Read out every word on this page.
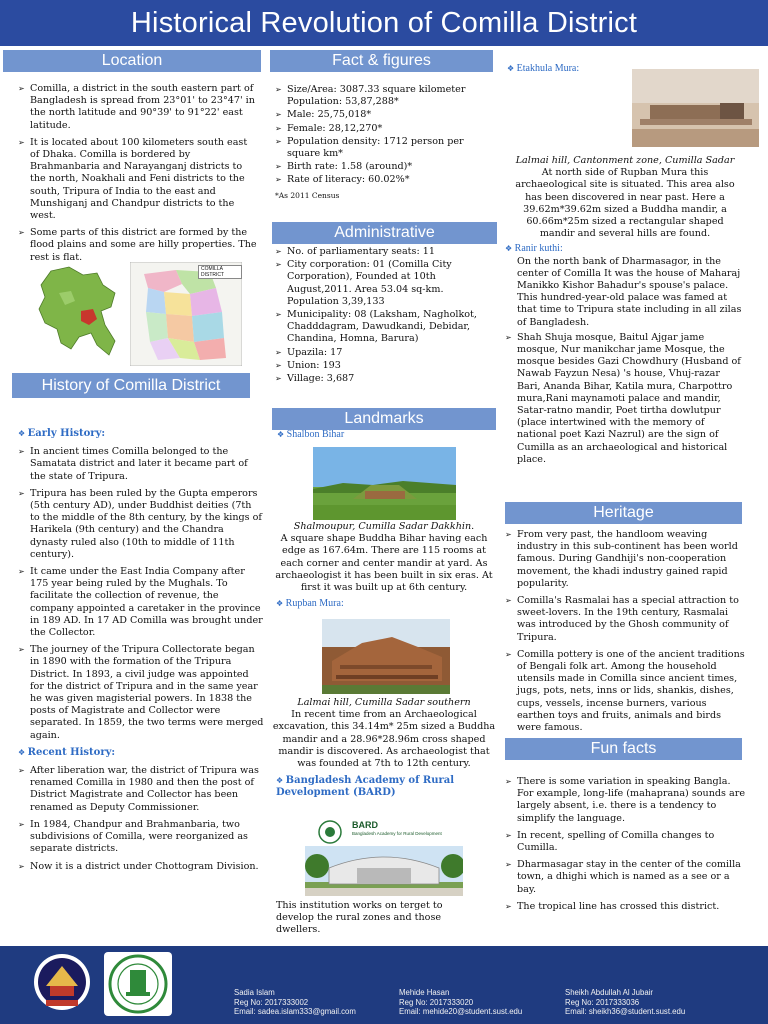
Historical Revolution of Comilla District
Location
➢ Comilla, a district in the south eastern part of Bangladesh is spread from 23°01' to 23°47' in the north latitude and 90°39' to 91°22' east latitude.
➢ It is located about 100 kilometers south east of Dhaka. Comilla is bordered by Brahmanbaria and Narayanganj districts to the north, Noakhali and Feni districts to the south, Tripura of India to the east and Munshiganj and Chandpur districts to the west.
➢ Some parts of this district are formed by the flood plains and some are hilly properties. The rest is flat.
COMILLA DISTRICT
History of Comilla District
❖ Early History:
➢ In ancient times Comilla belonged to the Samatata district and later it became part of the state of Tripura.
➢ Tripura has been ruled by the Gupta emperors (5th century AD), under Buddhist deities (7th to the middle of the 8th century, by the kings of Harikela (9th century) and the Chandra dynasty ruled also (10th to middle of 11th century).
➢ It came under the East India Company after 175 year being ruled by the Mughals. To facilitate the collection of revenue, the company appointed a caretaker in the province in 189 AD. In 17 AD Comilla was brought under the Collector.
➢ The journey of the Tripura Collectorate began in 1890 with the formation of the Tripura District. In 1893, a civil judge was appointed for the district of Tripura and in the same year he was given magisterial powers. In 1838 the posts of Magistrate and Collector were separated. In 1859, the two terms were merged again.
❖ Recent History:
➢ After liberation war, the district of Tripura was renamed Comilla in 1980 and then the post of District Magistrate and Collector has been renamed as Deputy Commissioner.
➢ In 1984, Chandpur and Brahmanbaria, two subdivisions of Comilla, were reorganized as separate districts.
➢ Now it is a district under Chottogram Division.
Fact & figures
➢ Size/Area: 3087.33 square kilometer Population: 53,87,288*
➢ Male: 25,75,018*
➢ Female: 28,12,270*
➢ Population density: 1712 person per square km*
➢ Birth rate: 1.58 (around)*
➢ Rate of literacy: 60.02%*

*As 2011 Census

Administrative
➢ No. of parliamentary seats: 11
➢ City corporation: 01 (Comilla City Corporation), Founded at 10th August,2011. Area 53.04 sq-km. Population 3,39,133
➢ Municipality: 08 (Laksham, Nagholkot, Chadddagram, Dawudkandi, Debidar, Chandina, Homna, Barura)
➢ Upazila: 17
➢ Union: 193
➢ Village: 3,687
Landmarks
❖ Shalbon Bihar

Shalmoupur, Cumilla Sadar Dakkhin.

A square shape Buddha Bihar having each edge as 167.64m. There are 115 rooms at each corner and center mandir at yard. As archaeologist it has been built in six eras. At first it was built up at 6th century.

❖ Rupban Mura:

Lalmai hill, Cumilla Sadar southern

In recent time from an Archaeological excavation, this 34.14m* 25m sized a Buddha mandir and a 28.96*28.96m cross shaped mandir is discovered. As archaeologist that was founded at 7th to 12th century.

❖ Bangladesh Academy of Rural Development (BARD)
BARD
Bangladesh Academy for Rural Development
This institution works on terget to develop the rural zones and those dwellers.
❖ Etakhula Mura:

Lalmai hill, Cantonment zone, Cumilla Sadar

At north side of Rupban Mura this archaeological site is situated. This area also has been discovered in near past. Here a 39.62m*39.62m sized a Buddha mandir, a 60.66m*25m sized a rectangular shaped mandir and several hills are found.

❖ Ranir kuthi:

On the north bank of Dharmasagor, in the center of Comilla It was the house of Maharaj Manikko Kishor Bahadur's spouse's palace. This hundred-year-old palace was famed at that time to Tripura state including in all zilas of Bangladesh.

➢ Shah Shuja mosque, Baitul Ajgar jame mosque, Nur manikchar jame Mosque, the mosque besides Gazi Chowdhury (Husband of Nawab Fayzun Nesa) 's house, Vhuj-razar Bari, Ananda Bihar, Katila mura, Charpottro mura,Rani maynamoti palace and mandir, Satar-ratno mandir, Poet tirtha dowlutpur (place intertwined with the memory of national poet Kazi Nazrul) are the sign of Cumilla as an archaeological and historical place.
Heritage
➢ From very past, the handloom weaving industry in this sub-continent has been world famous. During Gandhiji's non-cooperation movement, the khadi industry gained rapid popularity.
➢ Comilla's Rasmalai has a special attraction to sweet-lovers. In the 19th century, Rasmalai was introduced by the Ghosh community of Tripura.
➢ Comilla pottery is one of the ancient traditions of Bengali folk art. Among the household utensils made in Comilla since ancient times, jugs, pots, nets, inns or lids, shankis, dishes, cups, vessels, incense burners, various earthen toys and fruits, animals and birds were famous.
Fun facts
➢ There is some variation in speaking Bangla. For example, long-life (mahaprana) sounds are largely absent, i.e. there is a tendency to simplify the language.
➢ In recent, spelling of Comilla changes to Cumilla.
➢ Dharmasagar stay in the center of the comilla town, a dhighi which is named as a see or a bay.
➢ The tropical line has crossed this district.
Sadia Islam
Reg No: 2017333002
Email: sadea.islam333@gmail.com
Mehide Hasan
Reg No: 2017333020
Email: mehide20@student.sust.edu
Sheikh Abdullah Al Jubair
Reg No: 2017333036
Email: sheikh36@student.sust.edu
